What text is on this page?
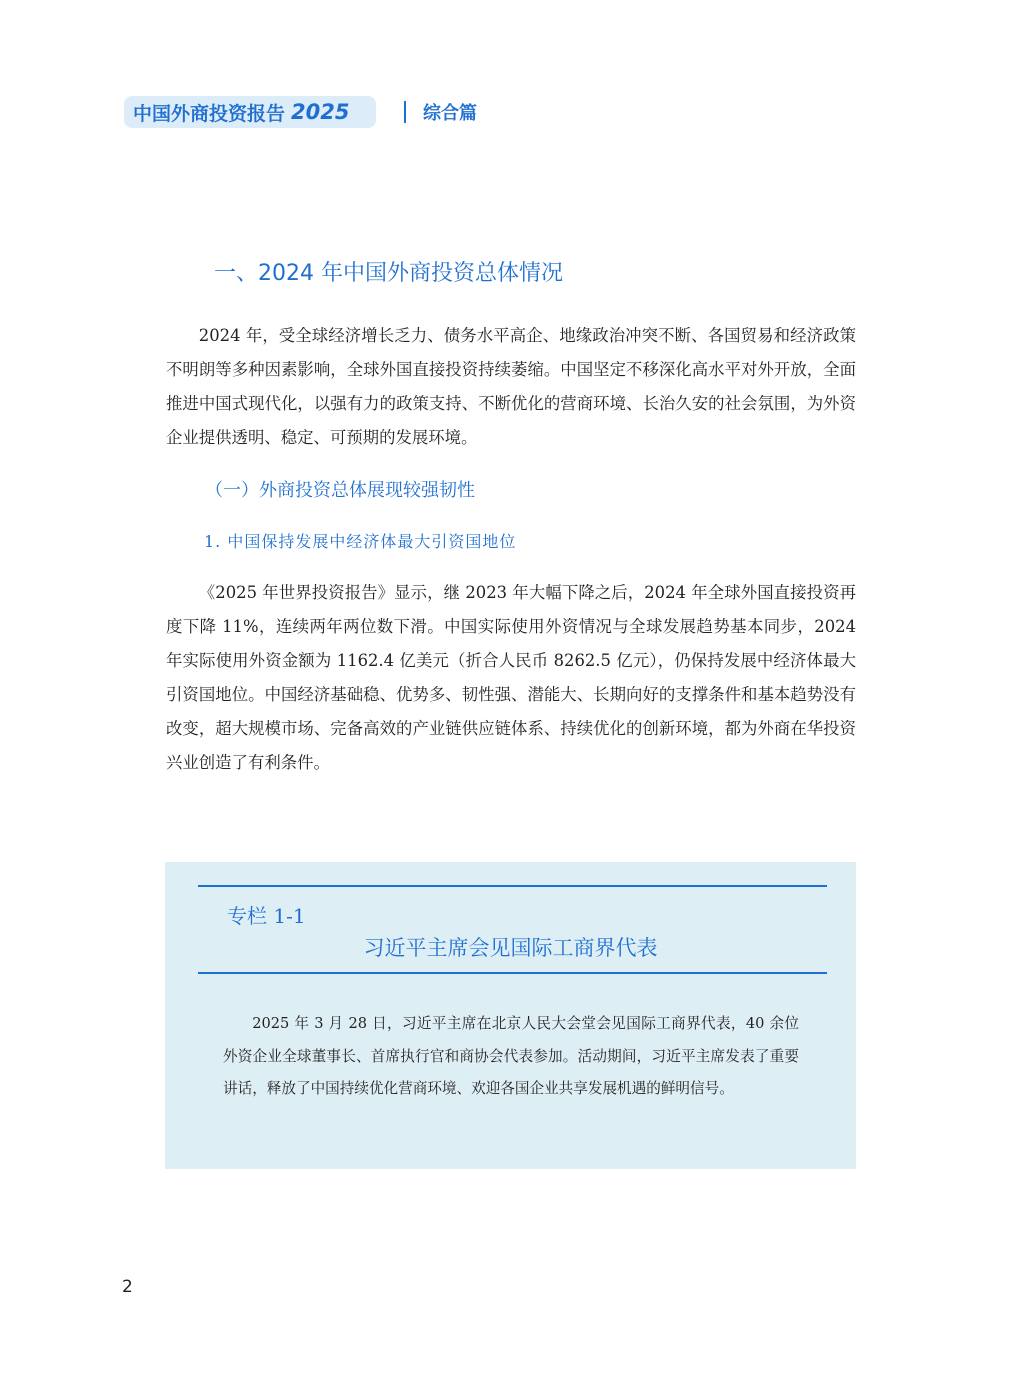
中国外商投资报告 2025	综合篇
一、2024 年中国外商投资总体情况

2024 年，受全球经济增长乏力、债务水平高企、地缘政治冲突不断、各国贸易和经济政策不明朗等多种因素影响，全球外国直接投资持续萎缩。中国坚定不移深化高水平对外开放，全面推进中国式现代化，以强有力的政策支持、不断优化的营商环境、长治久安的社会氛围，为外资企业提供透明、稳定、可预期的发展环境。

（一）外商投资总体展现较强韧性
1. 中国保持发展中经济体最大引资国地位

《2025 年世界投资报告》显示，继 2023 年大幅下降之后，2024 年全球外国直接投资再度下降 11%，连续两年两位数下滑。中国实际使用外资情况与全球发展趋势基本同步，2024 年实际使用外资金额为 1162.4 亿美元（折合人民币 8262.5 亿元），仍保持发展中经济体最大引资国地位。中国经济基础稳、优势多、韧性强、潜能大、长期向好的支撑条件和基本趋势没有改变，超大规模市场、完备高效的产业链供应链体系、持续优化的创新环境，都为外商在华投资兴业创造了有利条件。

专栏 1-1
习近平主席会见国际工商界代表

2025 年 3 月 28 日，习近平主席在北京人民大会堂会见国际工商界代表，40 余位外资企业全球董事长、首席执行官和商协会代表参加。活动期间，习近平主席发表了重要讲话，释放了中国持续优化营商环境、欢迎各国企业共享发展机遇的鲜明信号。

2
